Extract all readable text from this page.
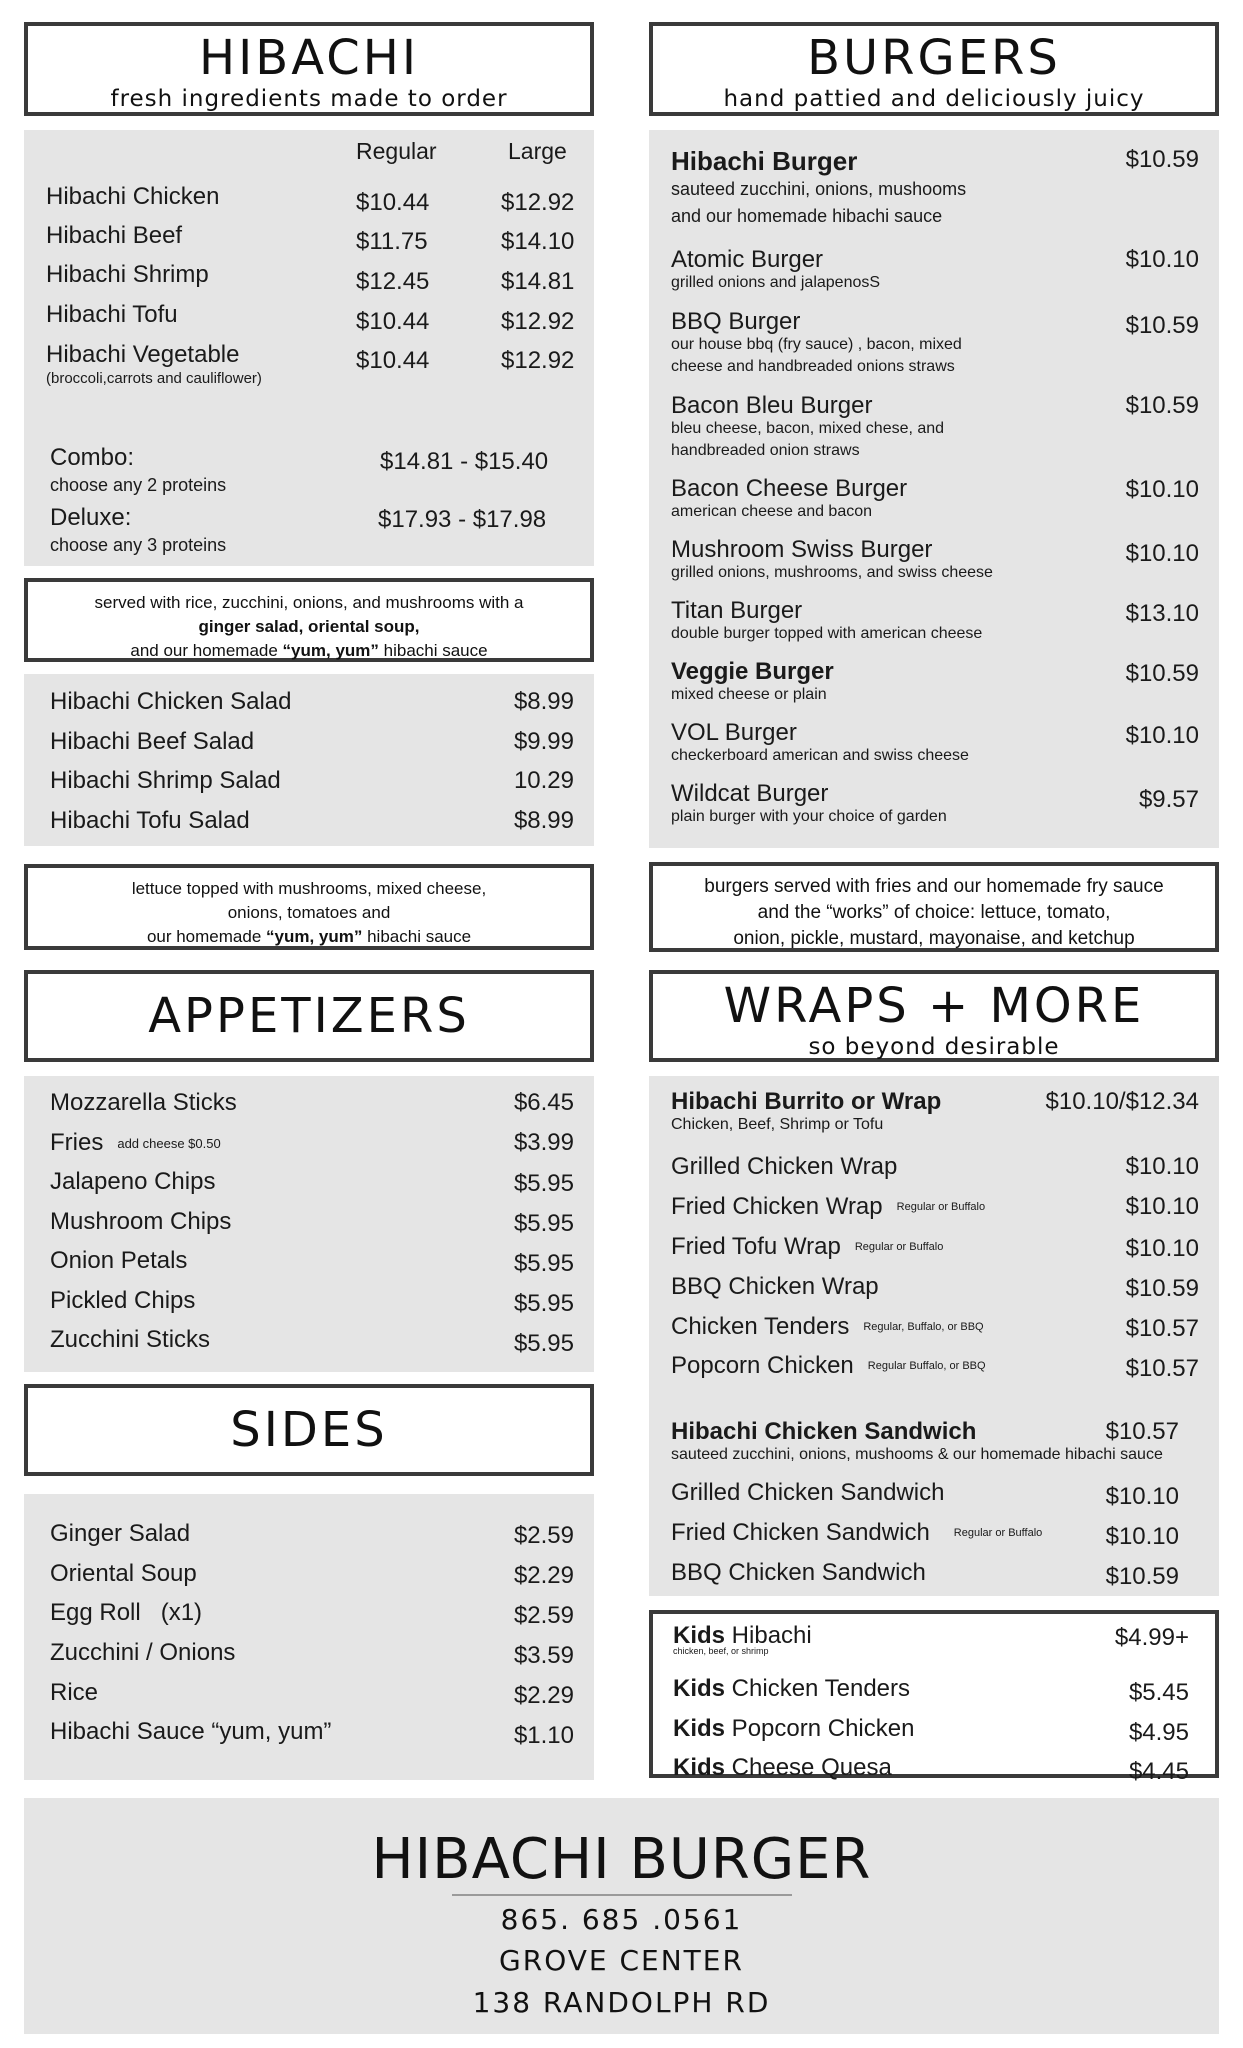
HIBACHI
fresh ingredients made to order
Regular	Large
Hibachi Chicken	$10.44	$12.92
Hibachi Beef	$11.75	$14.10
Hibachi Shrimp	$12.45	$14.81
Hibachi Tofu	$10.44	$12.92
Hibachi Vegetable	$10.44	$12.92
(broccoli,carrots and cauliflower)
Combo:
choose any 2 proteins
$14.81 - $15.40
Deluxe:
choose any 3 proteins
$17.93 - $17.98
served with rice, zucchini, onions, and mushrooms with a
ginger salad, oriental soup,
and our homemade “yum, yum” hibachi sauce
Hibachi Chicken Salad	$8.99
Hibachi Beef Salad	$9.99
Hibachi Shrimp Salad	10.29
Hibachi Tofu Salad	$8.99
lettuce topped with mushrooms, mixed cheese,
onions, tomatoes and
our homemade “yum, yum” hibachi sauce
APPETIZERS
Mozzarella Sticks	$6.45
Fries add cheese $0.50	$3.99
Jalapeno Chips	$5.95
Mushroom Chips	$5.95
Onion Petals	$5.95
Pickled Chips	$5.95
Zucchini Sticks	$5.95
SIDES
Ginger Salad	$2.59
Oriental Soup	$2.29
Egg Roll   (x1)	$2.59
Zucchini / Onions	$3.59
Rice	$2.29
Hibachi Sauce “yum, yum”	$1.10
BURGERS
hand pattied and deliciously juicy
Hibachi Burger	$10.59
sauteed zucchini, onions, mushooms
and our homemade hibachi sauce
Atomic Burger	$10.10
grilled onions and jalapenosS
BBQ Burger	$10.59
our house bbq (fry sauce) , bacon, mixed
cheese and handbreaded onions straws
Bacon Bleu Burger	$10.59
bleu cheese, bacon, mixed chese, and
handbreaded onion straws
Bacon Cheese Burger	$10.10
american cheese and bacon
Mushroom Swiss Burger	$10.10
grilled onions, mushrooms, and swiss cheese
Titan Burger	$13.10
double burger topped with american cheese
Veggie Burger	$10.59
mixed cheese or plain
VOL Burger	$10.10
checkerboard american and swiss cheese
Wildcat Burger	$9.57
plain burger with your choice of garden
burgers served with fries and our homemade fry sauce
and the “works” of choice: lettuce, tomato,
onion, pickle, mustard, mayonaise, and ketchup
WRAPS + MORE
so beyond desirable
Hibachi Burrito or Wrap	$10.10/$12.34
Chicken, Beef, Shrimp or Tofu
Grilled Chicken Wrap	$10.10
Fried Chicken Wrap Regular or Buffalo	$10.10
Fried Tofu Wrap Regular or Buffalo	$10.10
BBQ Chicken Wrap	$10.59
Chicken Tenders Regular, Buffalo, or BBQ	$10.57
Popcorn Chicken Regular Buffalo, or BBQ	$10.57
Hibachi Chicken Sandwich	$10.57
sauteed zucchini, onions, mushooms & our homemade hibachi sauce
Grilled Chicken Sandwich	$10.10
Fried Chicken Sandwich Regular or Buffalo	$10.10
BBQ Chicken Sandwich	$10.59
Kids Hibachi
chicken, beef, or shrimp	$4.99+
Kids Chicken Tenders	$5.45
Kids Popcorn Chicken	$4.95
Kids Cheese Quesa	$4.45
HIBACHI BURGER
865. 685 .0561
GROVE CENTER
138 RANDOLPH RD
